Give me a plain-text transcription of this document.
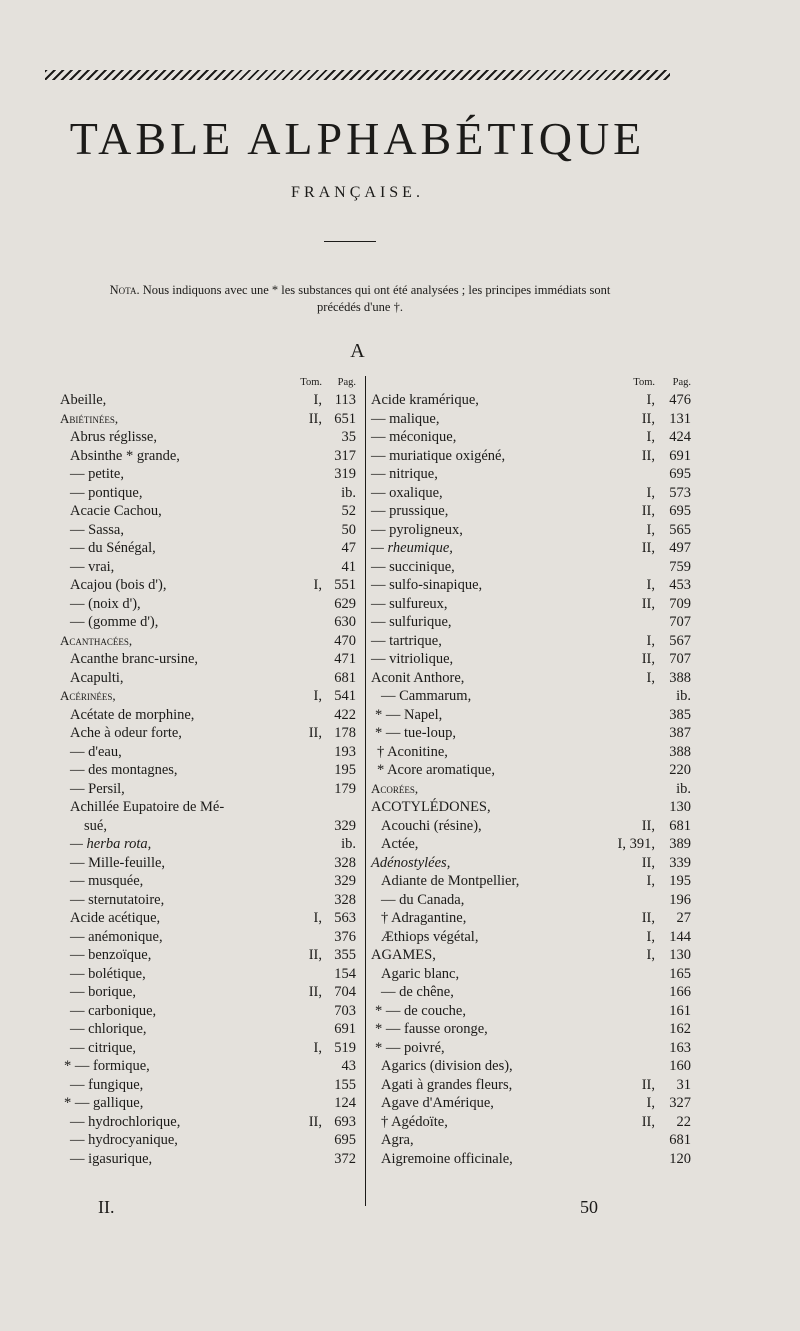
TABLE ALPHABÉTIQUE
FRANÇAISE.
Nota. Nous indiquons avec une * les substances qui ont été analysées ; les principes immédiats sont précédés d'une †.
A
Tom.	Pag.
Abeille,	I, 113
Abiétinées,	II, 651
Abrus réglisse,	35
Absinthe * grande,	317
— petite,	319
— pontique,	ib.
Acacie Cachou,	52
— Sassa,	50
— du Sénégal,	47
— vrai,	41
Acajou (bois d'),	I, 551
— (noix d'),	629
— (gomme d'),	630
Acanthacées,	470
Acanthe branc-ursine,	471
Acapulti,	681
Acérinées,	I, 541
Acétate de morphine,	422
Ache à odeur forte,	II, 178
— d'eau,	193
— des montagnes,	195
— Persil,	179
Achillée Eupatoire de Mé-
sué,	329
— herba rota,	ib.
— Mille-feuille,	328
— musquée,	329
— sternutatoire,	328
Acide acétique,	I, 563
— anémonique,	376
— benzoïque,	II, 355
— bolétique,	154
— borique,	II, 704
— carbonique,	703
— chlorique,	691
— citrique,	I, 519
* — formique,	43
— fungique,	155
* — gallique,	124
— hydrochlorique,	II, 693
— hydrocyanique,	695
— igasurique,	372
Tom.	Pag.
Acide kramérique,	I, 476
— malique,	II, 131
— méconique,	I, 424
— muriatique oxigéné,	II, 691
— nitrique,	695
— oxalique,	I, 573
— prussique,	II, 695
— pyroligneux,	I, 565
— rheumique,	II, 497
— succinique,	759
— sulfo-sinapique,	I, 453
— sulfureux,	II, 709
— sulfurique,	707
— tartrique,	I, 567
— vitriolique,	II, 707
Aconit Anthore,	I, 388
— Cammarum,	ib.
* — Napel,	385
* — tue-loup,	387
† Aconitine,	388
* Acore aromatique,	220
Acorées,	ib.
ACOTYLÉDONES,	130
Acouchi (résine),	II, 681
Actée,	I, 391, 389
Adénostylées,	II, 339
Adiante de Montpellier,	I, 195
— du Canada,	196
† Adragantine,	II,	27
Æthiops végétal,	I, 144
AGAMES,	I, 130
Agaric blanc,	165
— de chêne,	166
* — de couche,	161
* — fausse oronge,	162
* — poivré,	163
Agarics (division des),	160
Agati à grandes fleurs,	II,	31
Agave d'Amérique,	I, 327
† Agédoïte,	II,	22
Agra,	681
Aigremoine officinale,	120
II.	50
